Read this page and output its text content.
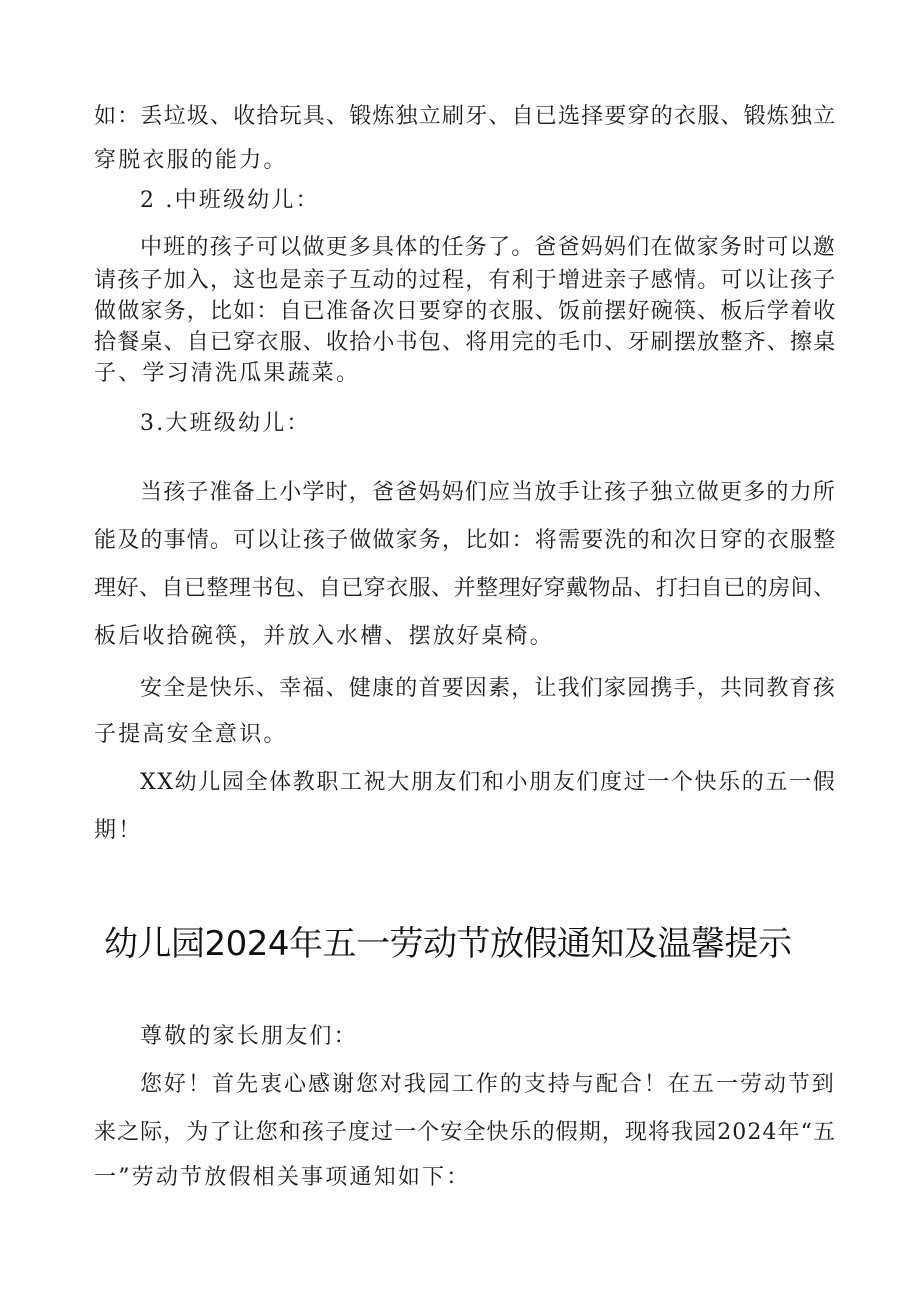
如：丢垃圾、收拾玩具、锻炼独立刷牙、自已选择要穿的衣服、锻炼独立
穿脱衣服的能力。
2 .中班级幼儿：
中班的孩子可以做更多具体的任务了。爸爸妈妈们在做家务时可以邀
请孩子加入，这也是亲子互动的过程，有利于增进亲子感情。可以让孩子
做做家务，比如：自已准备次日要穿的衣服、饭前摆好碗筷、板后学着收
拾餐桌、自已穿衣服、收拾小书包、将用完的毛巾、牙刷摆放整齐、擦桌
子、学习清洗瓜果蔬菜。
3.大班级幼儿：
当孩子准备上小学时，爸爸妈妈们应当放手让孩子独立做更多的力所
能及的事情。可以让孩子做做家务，比如：将需要洗的和次日穿的衣服整
理好、自已整理书包、自已穿衣服、并整理好穿戴物品、打扫自已的房间、
板后收拾碗筷，并放入水槽、摆放好桌椅。
安全是快乐、幸福、健康的首要因素，让我们家园携手，共同教育孩
子提高安全意识。
XX幼儿园全体教职工祝大朋友们和小朋友们度过一个快乐的五一假
期！
幼儿园2024年五一劳动节放假通知及温馨提示
尊敬的家长朋友们：
您好！首先衷心感谢您对我园工作的支持与配合！在五一劳动节到
来之际，为了让您和孩子度过一个安全快乐的假期，现将我园2024年“五
一”劳动节放假相关事项通知如下：
